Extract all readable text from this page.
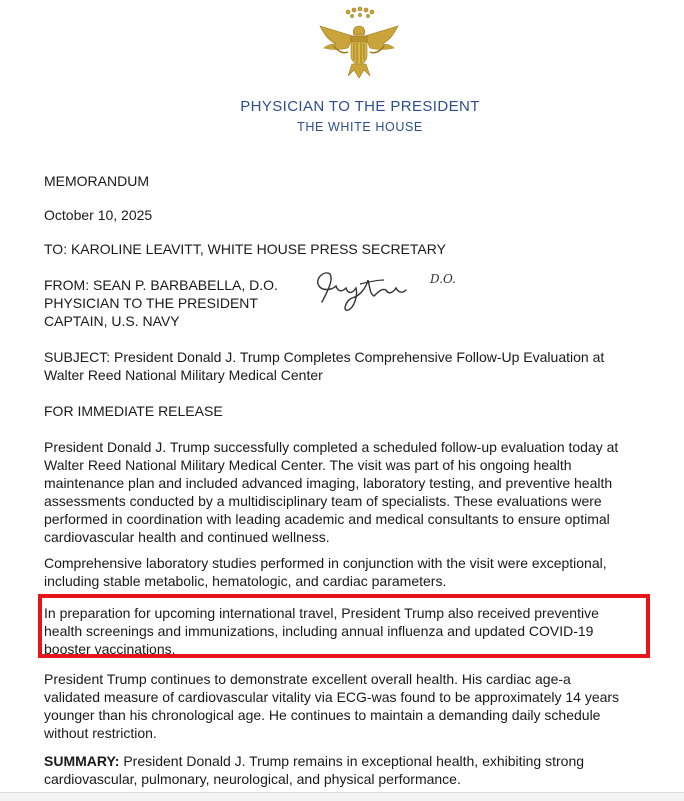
PHYSICIAN TO THE PRESIDENT
THE WHITE HOUSE
MEMORANDUM
October 10, 2025
TO: KAROLINE LEAVITT, WHITE HOUSE PRESS SECRETARY
FROM: SEAN P. BARBABELLA, D.O.
PHYSICIAN TO THE PRESIDENT
CAPTAIN, U.S. NAVY
D.O.
SUBJECT: President Donald J. Trump Completes Comprehensive Follow-Up Evaluation at
Walter Reed National Military Medical Center
FOR IMMEDIATE RELEASE
President Donald J. Trump successfully completed a scheduled follow-up evaluation today at
Walter Reed National Military Medical Center. The visit was part of his ongoing health
maintenance plan and included advanced imaging, laboratory testing, and preventive health
assessments conducted by a multidisciplinary team of specialists. These evaluations were
performed in coordination with leading academic and medical consultants to ensure optimal
cardiovascular health and continued wellness.
Comprehensive laboratory studies performed in conjunction with the visit were exceptional,
including stable metabolic, hematologic, and cardiac parameters.
In preparation for upcoming international travel, President Trump also received preventive
health screenings and immunizations, including annual influenza and updated COVID-19
booster vaccinations.
President Trump continues to demonstrate excellent overall health. His cardiac age-a
validated measure of cardiovascular vitality via ECG-was found to be approximately 14 years
younger than his chronological age. He continues to maintain a demanding daily schedule
without restriction.
SUMMARY: President Donald J. Trump remains in exceptional health, exhibiting strong
cardiovascular, pulmonary, neurological, and physical performance.
